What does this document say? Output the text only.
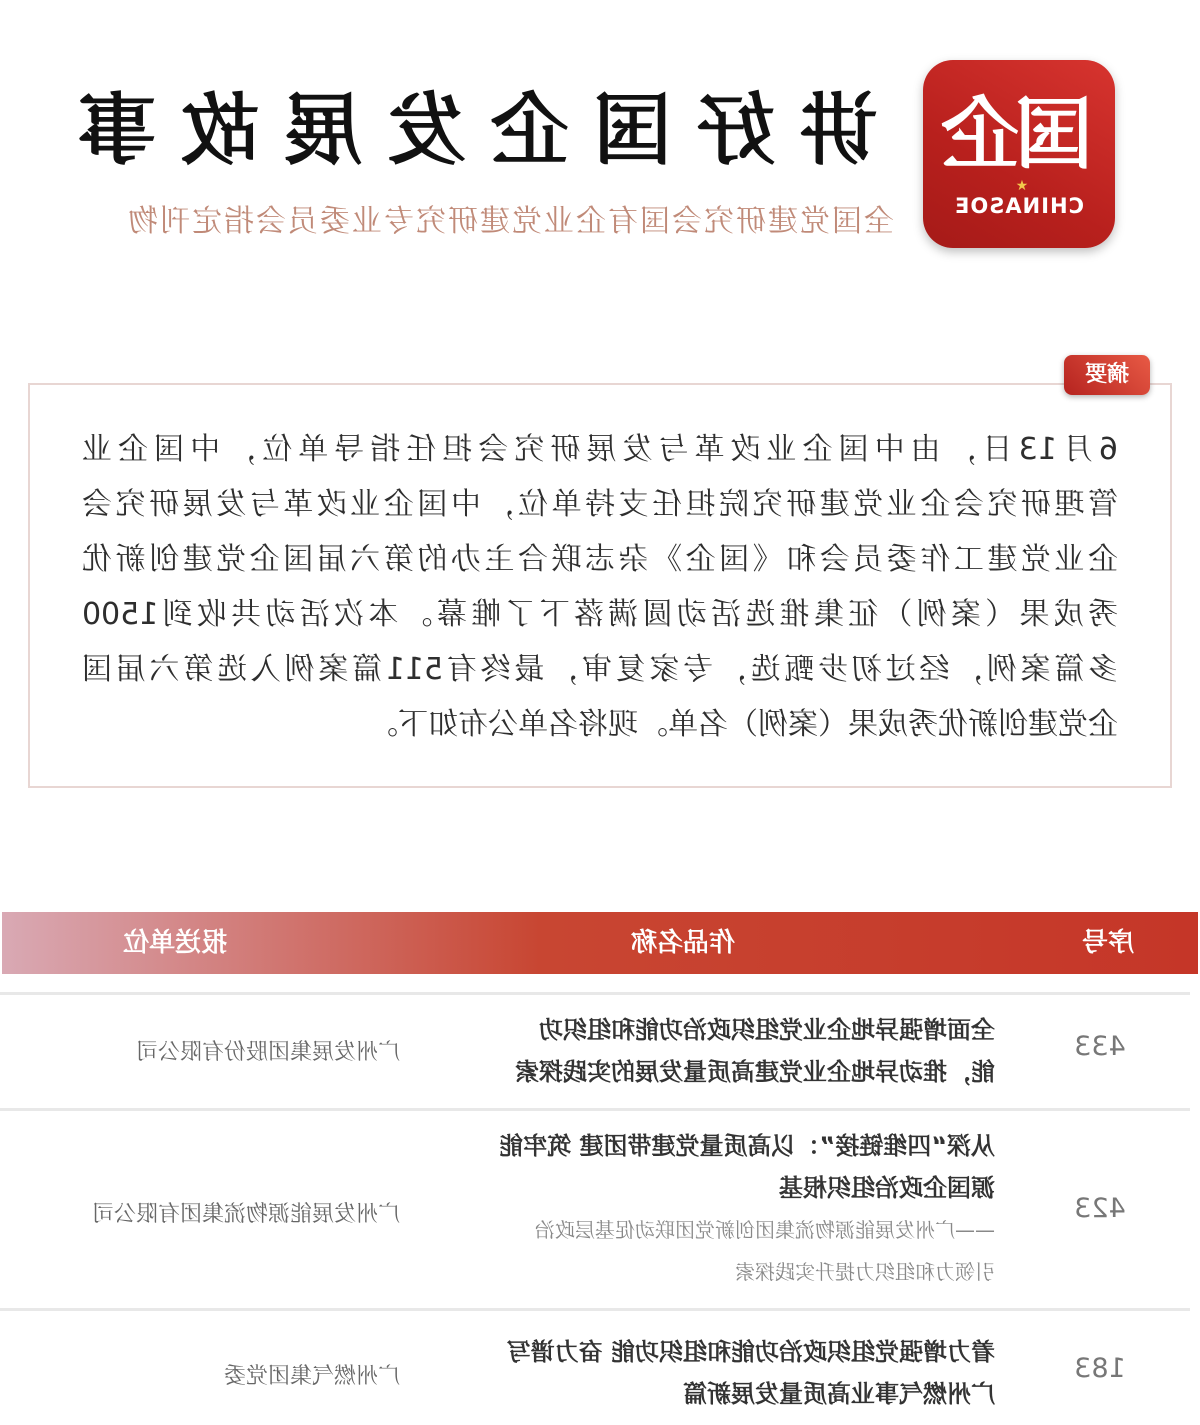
国企
★
CHINASOE
讲
好
国
企
发
展
故
事
全国党建研究会国有企业党建研究专业委员会指定刊物
摘要
6月13日，由中国企业改革与发展研究会担任指导单位，中国企业
管理研究会企业党建研究院担任支持单位，中国企业改革与发展研究会
企业党建工作委员会和《国企》杂志联合主办的第六届国企党建创新优
秀成果（案例）征集推选活动圆满落下了帷幕。本次活动共收到1500
多篇案例，经过初步甄选，专家复审，最终有511篇案例入选第六届国
企党建创新优秀成果（案例）名单。现将名单公布如下。
序号
作品名称
报送单位
433
全面增强异地企业党组织政治功能和组织功
能，推动异地企业党建高质量发展的实践探索
广州发展集团股份有限公司
423
从深“四维链接”：以高质量党建带团建 筑牢能
源国企政治组织根基
——广州发展能源物流集团创新党团联动促基层政治
引领力和组织力提升实践探索
广州发展能源物流集团有限公司
183
着力增强党组织政治功能和组织功能 奋力谱写
广州燃气事业高质量发展新篇
广州燃气集团党委
